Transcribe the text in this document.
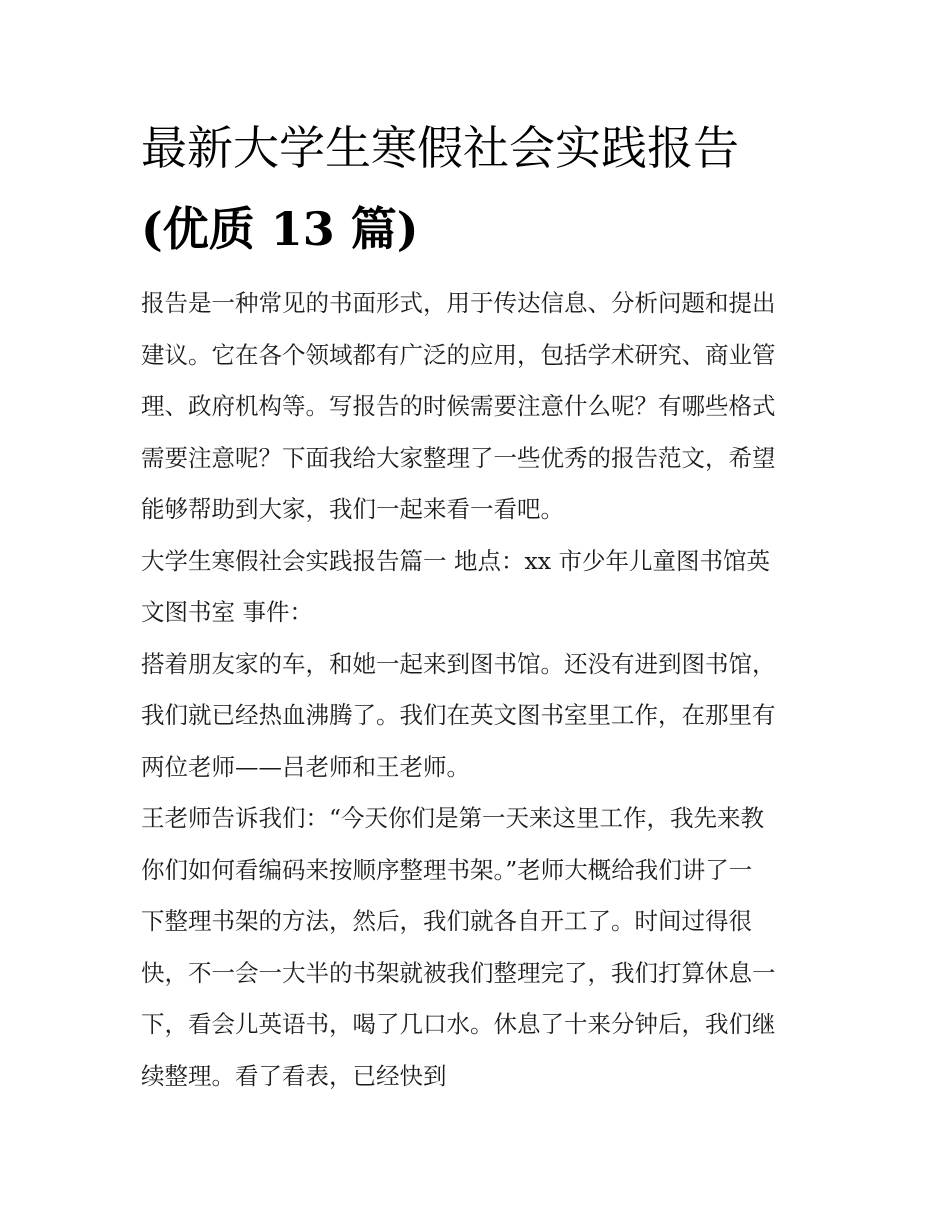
最新大学生寒假社会实践报告
(优质 13 篇)

报告是一种常见的书面形式，用于传达信息、分析问题和提出
建议。它在各个领域都有广泛的应用，包括学术研究、商业管
理、政府机构等。写报告的时候需要注意什么呢？有哪些格式
需要注意呢？下面我给大家整理了一些优秀的报告范文，希望
能够帮助到大家，我们一起来看一看吧。

大学生寒假社会实践报告篇一 地点：xx 市少年儿童图书馆英
文图书室 事件：

搭着朋友家的车，和她一起来到图书馆。还没有进到图书馆，
我们就已经热血沸腾了。我们在英文图书室里工作，在那里有
两位老师——吕老师和王老师。

王老师告诉我们：“今天你们是第一天来这里工作，我先来教
你们如何看编码来按顺序整理书架。”老师大概给我们讲了一
下整理书架的方法，然后，我们就各自开工了。时间过得很
快，不一会一大半的书架就被我们整理完了，我们打算休息一
下，看会儿英语书，喝了几口水。休息了十来分钟后，我们继
续整理。看了看表，已经快到
